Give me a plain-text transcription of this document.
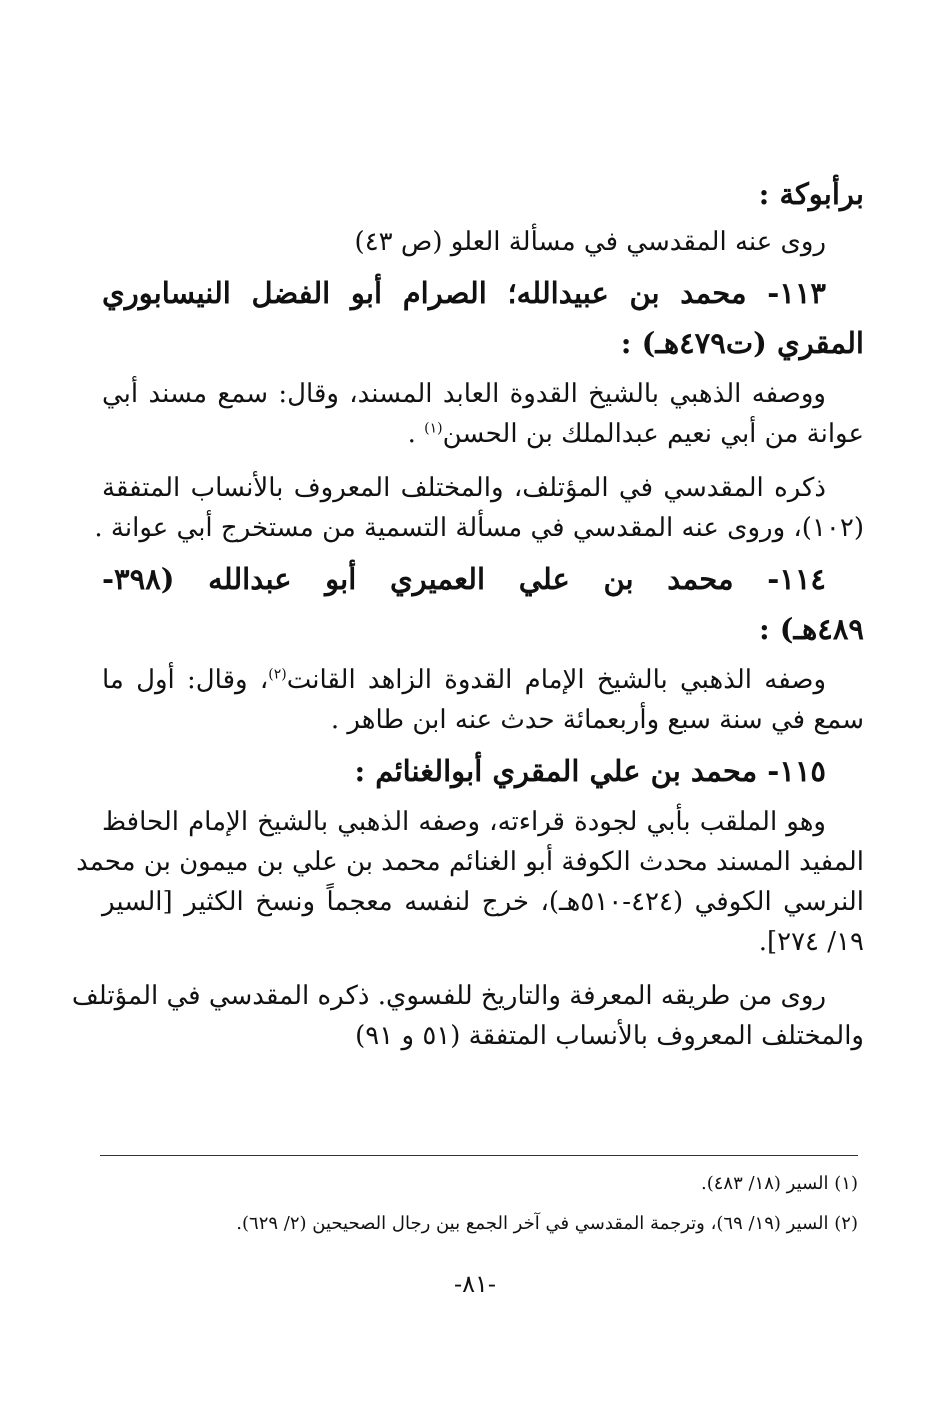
برأبوكة :

روى عنه المقدسي في مسألة العلو (ص ٤٣)

١١٣- محمد بن عبيدالله؛ الصرام أبو الفضل النيسابوري

المقري (ت٤٧٩هـ) :

ووصفه الذهبي بالشيخ القدوة العابد المسند، وقال: سمع مسند أبي

عوانة من أبي نعيم عبدالملك بن الحسن$^{(١)}$ .

ذكره المقدسي في المؤتلف، والمختلف المعروف بالأنساب المتفقة

(١٠٢)، وروى عنه المقدسي في مسألة التسمية من مستخرج أبي عوانة .

١١٤- محمد بن علي العميري أبو عبدالله (٣٩٨-

٤٨٩هـ) :

وصفه الذهبي بالشيخ الإمام القدوة الزاهد القانت$^{(٢)}$، وقال: أول ما

سمع في سنة سبع وأربعمائة حدث عنه ابن طاهر .

١١٥- محمد بن علي المقري أبوالغنائم :

وهو الملقب بأبي لجودة قراءته، وصفه الذهبي بالشيخ الإمام الحافظ

المفيد المسند محدث الكوفة أبو الغنائم محمد بن علي بن ميمون بن محمد

النرسي الكوفي (٤٢٤-٥١٠هـ)، خرج لنفسه معجماً ونسخ الكثير [السير

١٩/ ٢٧٤].

روى من طريقه المعرفة والتاريخ للفسوي. ذكره المقدسي في المؤتلف

والمختلف المعروف بالأنساب المتفقة (٥١ و ٩١)

(١) السير (١٨/ ٤٨٣).

(٢) السير (١٩/ ٦٩)، وترجمة المقدسي في آخر الجمع بين رجال الصحيحين (٢/ ٦٢٩).

-٨١-
